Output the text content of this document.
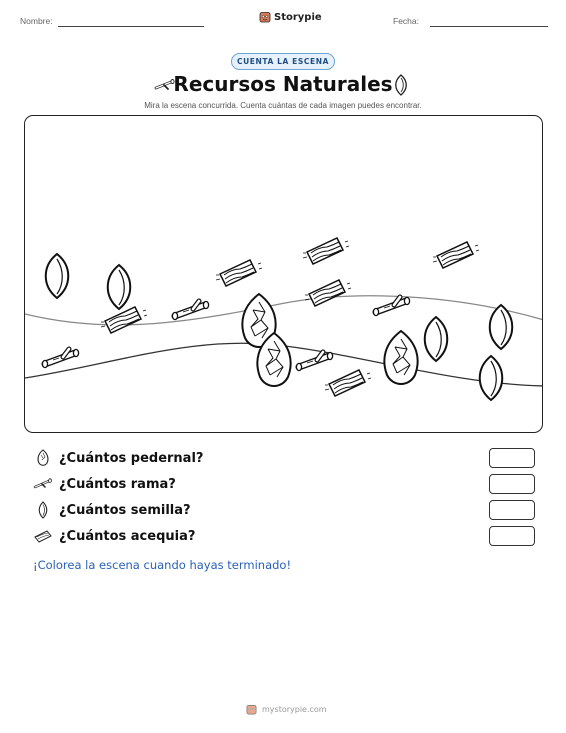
Nombre:	Storypie	Fecha:
CUENTA LA ESCENA
Recursos Naturales
Mira la escena concurrida. Cuenta cuántas de cada imagen puedes encontrar.
¿Cuántos pedernal?
¿Cuántos rama?
¿Cuántos semilla?
¿Cuántos acequia?
¡Colorea la escena cuando hayas terminado!
mystorypie.com
